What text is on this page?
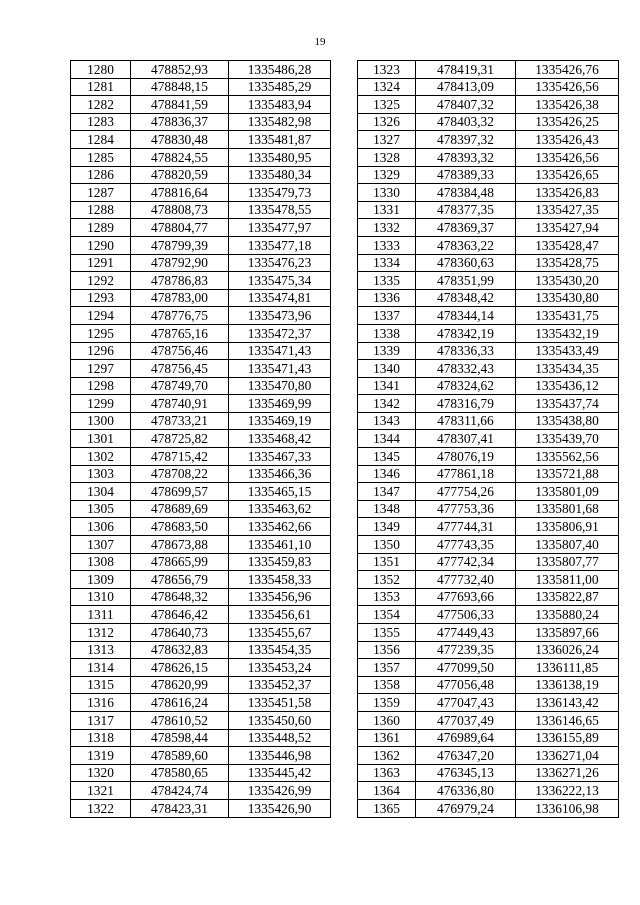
19
1280	478852,93	1335486,28
1281	478848,15	1335485,29
1282	478841,59	1335483,94
1283	478836,37	1335482,98
1284	478830,48	1335481,87
1285	478824,55	1335480,95
1286	478820,59	1335480,34
1287	478816,64	1335479,73
1288	478808,73	1335478,55
1289	478804,77	1335477,97
1290	478799,39	1335477,18
1291	478792,90	1335476,23
1292	478786,83	1335475,34
1293	478783,00	1335474,81
1294	478776,75	1335473,96
1295	478765,16	1335472,37
1296	478756,46	1335471,43
1297	478756,45	1335471,43
1298	478749,70	1335470,80
1299	478740,91	1335469,99
1300	478733,21	1335469,19
1301	478725,82	1335468,42
1302	478715,42	1335467,33
1303	478708,22	1335466,36
1304	478699,57	1335465,15
1305	478689,69	1335463,62
1306	478683,50	1335462,66
1307	478673,88	1335461,10
1308	478665,99	1335459,83
1309	478656,79	1335458,33
1310	478648,32	1335456,96
1311	478646,42	1335456,61
1312	478640,73	1335455,67
1313	478632,83	1335454,35
1314	478626,15	1335453,24
1315	478620,99	1335452,37
1316	478616,24	1335451,58
1317	478610,52	1335450,60
1318	478598,44	1335448,52
1319	478589,60	1335446,98
1320	478580,65	1335445,42
1321	478424,74	1335426,99
1322	478423,31	1335426,90
1323	478419,31	1335426,76
1324	478413,09	1335426,56
1325	478407,32	1335426,38
1326	478403,32	1335426,25
1327	478397,32	1335426,43
1328	478393,32	1335426,56
1329	478389,33	1335426,65
1330	478384,48	1335426,83
1331	478377,35	1335427,35
1332	478369,37	1335427,94
1333	478363,22	1335428,47
1334	478360,63	1335428,75
1335	478351,99	1335430,20
1336	478348,42	1335430,80
1337	478344,14	1335431,75
1338	478342,19	1335432,19
1339	478336,33	1335433,49
1340	478332,43	1335434,35
1341	478324,62	1335436,12
1342	478316,79	1335437,74
1343	478311,66	1335438,80
1344	478307,41	1335439,70
1345	478076,19	1335562,56
1346	477861,18	1335721,88
1347	477754,26	1335801,09
1348	477753,36	1335801,68
1349	477744,31	1335806,91
1350	477743,35	1335807,40
1351	477742,34	1335807,77
1352	477732,40	1335811,00
1353	477693,66	1335822,87
1354	477506,33	1335880,24
1355	477449,43	1335897,66
1356	477239,35	1336026,24
1357	477099,50	1336111,85
1358	477056,48	1336138,19
1359	477047,43	1336143,42
1360	477037,49	1336146,65
1361	476989,64	1336155,89
1362	476347,20	1336271,04
1363	476345,13	1336271,26
1364	476336,80	1336222,13
1365	476979,24	1336106,98
